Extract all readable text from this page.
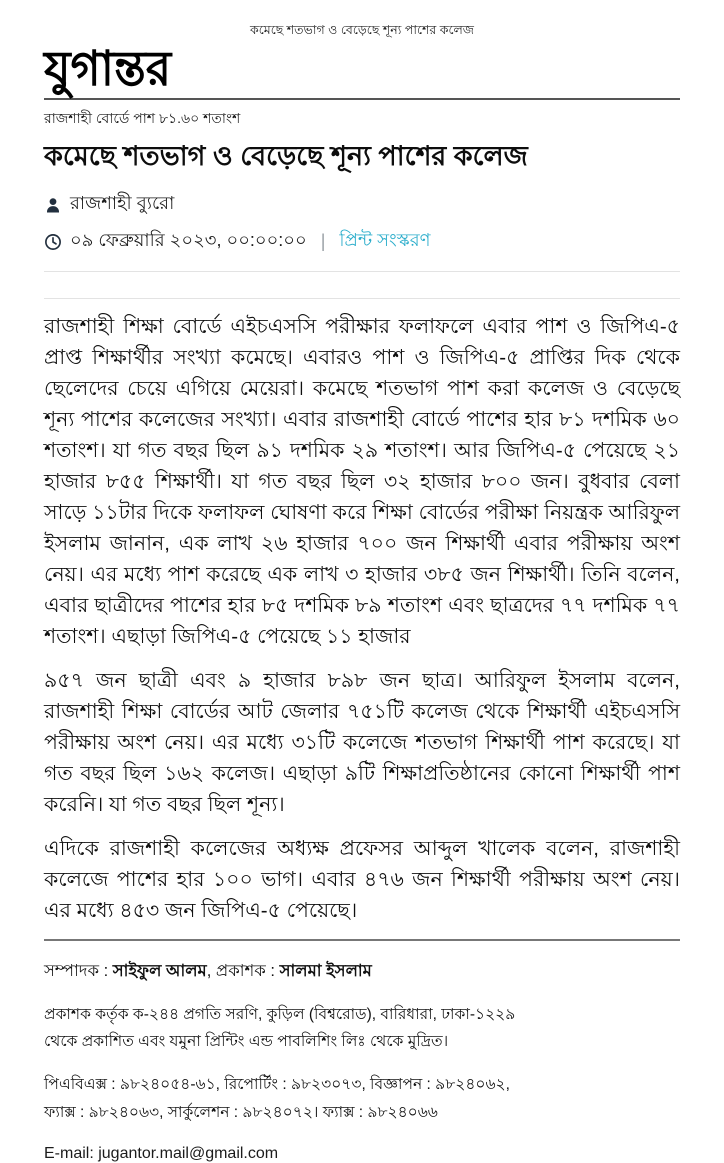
কমেছে শতভাগ ও বেড়েছে শূন্য পাশের কলেজ
যুগান্তর
রাজশাহী বোর্ডে পাশ ৮১.৬০ শতাংশ
কমেছে শতভাগ ও বেড়েছে শূন্য পাশের কলেজ
রাজশাহী ব্যুরো
০৯ ফেব্রুয়ারি ২০২৩, ০০:০০:০০ | প্রিন্ট সংস্করণ

রাজশাহী শিক্ষা বোর্ডে এইচএসসি পরীক্ষার ফলাফলে এবার পাশ ও জিপিএ-৫ প্রাপ্ত শিক্ষার্থীর সংখ্যা কমেছে। এবারও পাশ ও জিপিএ-৫ প্রাপ্তির দিক থেকে ছেলেদের চেয়ে এগিয়ে মেয়েরা। কমেছে শতভাগ পাশ করা কলেজ ও বেড়েছে শূন্য পাশের কলেজের সংখ্যা। এবার রাজশাহী বোর্ডে পাশের হার ৮১ দশমিক ৬০ শতাংশ। যা গত বছর ছিল ৯১ দশমিক ২৯ শতাংশ। আর জিপিএ-৫ পেয়েছে ২১ হাজার ৮৫৫ শিক্ষার্থী। যা গত বছর ছিল ৩২ হাজার ৮০০ জন। বুধবার বেলা সাড়ে ১১টার দিকে ফলাফল ঘোষণা করে শিক্ষা বোর্ডের পরীক্ষা নিয়ন্ত্রক আরিফুল ইসলাম জানান, এক লাখ ২৬ হাজার ৭০০ জন শিক্ষার্থী এবার পরীক্ষায় অংশ নেয়। এর মধ্যে পাশ করেছে এক লাখ ৩ হাজার ৩৮৫ জন শিক্ষার্থী। তিনি বলেন, এবার ছাত্রীদের পাশের হার ৮৫ দশমিক ৮৯ শতাংশ এবং ছাত্রদের ৭৭ দশমিক ৭৭ শতাংশ। এছাড়া জিপিএ-৫ পেয়েছে ১১ হাজার

৯৫৭ জন ছাত্রী এবং ৯ হাজার ৮৯৮ জন ছাত্র। আরিফুল ইসলাম বলেন, রাজশাহী শিক্ষা বোর্ডের আট জেলার ৭৫১টি কলেজ থেকে শিক্ষার্থী এইচএসসি পরীক্ষায় অংশ নেয়। এর মধ্যে ৩১টি কলেজে শতভাগ শিক্ষার্থী পাশ করেছে। যা গত বছর ছিল ১৬২ কলেজ। এছাড়া ৯টি শিক্ষাপ্রতিষ্ঠানের কোনো শিক্ষার্থী পাশ করেনি। যা গত বছর ছিল শূন্য।

এদিকে রাজশাহী কলেজের অধ্যক্ষ প্রফেসর আব্দুল খালেক বলেন, রাজশাহী কলেজে পাশের হার ১০০ ভাগ। এবার ৪৭৬ জন শিক্ষার্থী পরীক্ষায় অংশ নেয়। এর মধ্যে ৪৫৩ জন জিপিএ-৫ পেয়েছে।

সম্পাদক : সাইফুল আলম, প্রকাশক : সালমা ইসলাম
প্রকাশক কর্তৃক ক-২৪৪ প্রগতি সরণি, কুড়িল (বিশ্বরোড), বারিধারা, ঢাকা-১২২৯
থেকে প্রকাশিত এবং যমুনা প্রিন্টিং এন্ড পাবলিশিং লিঃ থেকে মুদ্রিত।
পিএবিএক্স : ৯৮২৪০৫৪-৬১, রিপোর্টিং : ৯৮২৩০৭৩, বিজ্ঞাপন : ৯৮২৪০৬২,
ফ্যাক্স : ৯৮২৪০৬৩, সার্কুলেশন : ৯৮২৪০৭২। ফ্যাক্স : ৯৮২৪০৬৬
E-mail: jugantor.mail@gmail.com
